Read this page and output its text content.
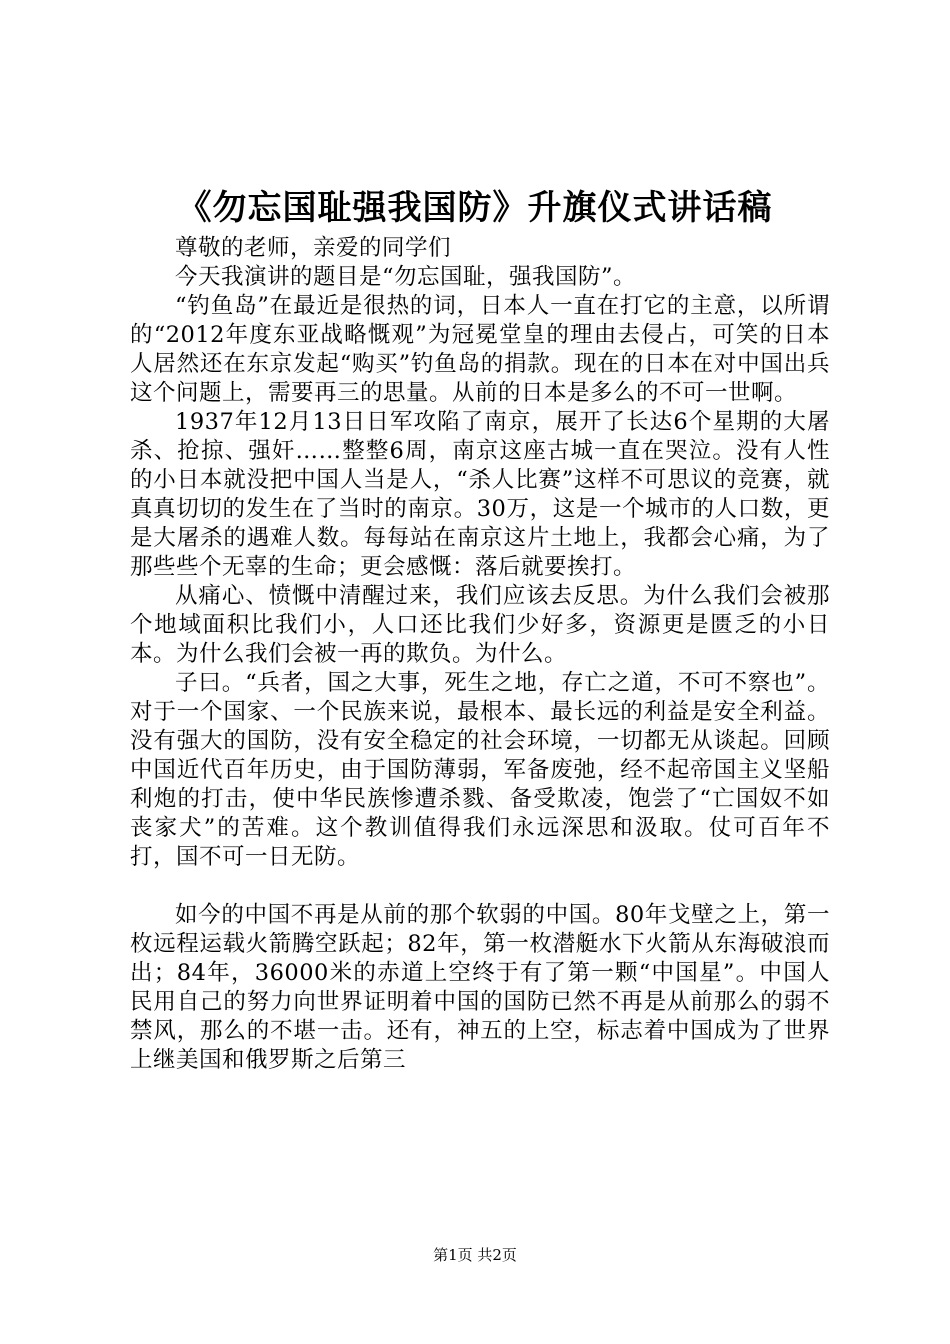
《勿忘国耻强我国防》升旗仪式讲话稿

尊敬的老师，亲爱的同学们

今天我演讲的题目是“勿忘国耻，强我国防”。

“钓鱼岛”在最近是很热的词，日本人一直在打它的主意，以所谓的“2012年度东亚战略慨观”为冠冕堂皇的理由去侵占，可笑的日本人居然还在东京发起“购买”钓鱼岛的捐款。现在的日本在对中国出兵这个问题上，需要再三的思量。从前的日本是多么的不可一世啊。

1937年12月13日日军攻陷了南京，展开了长达6个星期的大屠杀、抢掠、强奸……整整6周，南京这座古城一直在哭泣。没有人性的小日本就没把中国人当是人，“杀人比赛”这样不可思议的竞赛，就真真切切的发生在了当时的南京。30万，这是一个城市的人口数，更是大屠杀的遇难人数。每每站在南京这片土地上，我都会心痛，为了那些些个无辜的生命；更会感慨：落后就要挨打。

从痛心、愤慨中清醒过来，我们应该去反思。为什么我们会被那个地域面积比我们小，人口还比我们少好多，资源更是匮乏的小日本。为什么我们会被一再的欺负。为什么。

子曰。“兵者，国之大事，死生之地，存亡之道，不可不察也”。对于一个国家、一个民族来说，最根本、最长远的利益是安全利益。没有强大的国防，没有安全稳定的社会环境，一切都无从谈起。回顾中国近代百年历史，由于国防薄弱，军备废弛，经不起帝国主义坚船利炮的打击，使中华民族惨遭杀戮、备受欺凌，饱尝了“亡国奴不如丧家犬”的苦难。这个教训值得我们永远深思和汲取。仗可百年不打，国不可一日无防。

如今的中国不再是从前的那个软弱的中国。80年戈壁之上，第一枚远程运载火箭腾空跃起；82年，第一枚潜艇水下火箭从东海破浪而出；84年，36000米的赤道上空终于有了第一颗“中国星”。中国人民用自己的努力向世界证明着中国的国防已然不再是从前那么的弱不禁风，那么的不堪一击。还有，神五的上空，标志着中国成为了世界上继美国和俄罗斯之后第三

第1页 共2页
